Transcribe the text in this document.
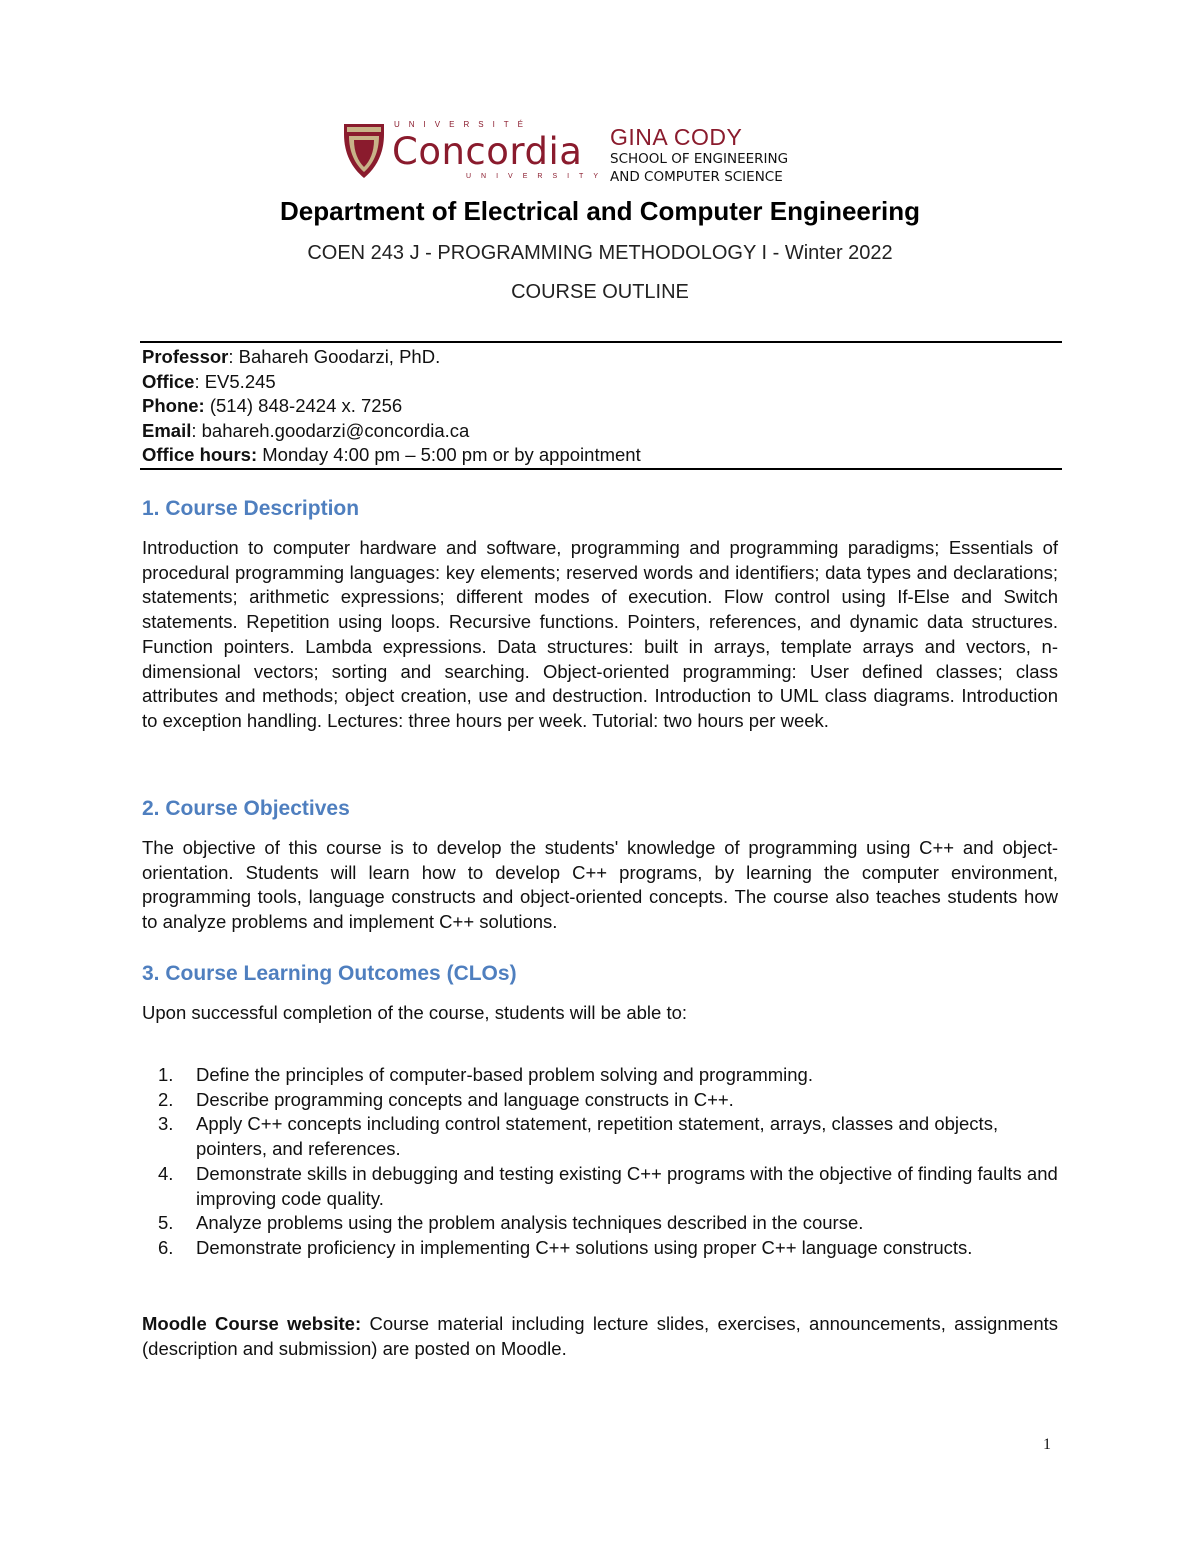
UNIVERSITÉ
Concordia
UNIVERSITY
GINA CODY
SCHOOL OF ENGINEERING
AND COMPUTER SCIENCE
Department of Electrical and Computer Engineering
COEN 243 J - PROGRAMMING METHODOLOGY I - Winter 2022
COURSE OUTLINE
Professor: Bahareh Goodarzi, PhD.
Office: EV5.245
Phone: (514) 848-2424 x. 7256
Email: bahareh.goodarzi@concordia.ca
Office hours: Monday 4:00 pm – 5:00 pm or by appointment
1. Course Description

Introduction to computer hardware and software, programming and programming paradigms; Essentials of procedural programming languages: key elements; reserved words and identifiers; data types and declarations; statements; arithmetic expressions; different modes of execution. Flow control using If-Else and Switch statements. Repetition using loops. Recursive functions. Pointers, references, and dynamic data structures. Function pointers. Lambda expressions. Data structures: built in arrays, template arrays and vectors, n-dimensional vectors; sorting and searching. Object-oriented programming: User defined classes; class attributes and methods; object creation, use and destruction. Introduction to UML class diagrams. Introduction to exception handling. Lectures: three hours per week. Tutorial: two hours per week.

2. Course Objectives

The objective of this course is to develop the students' knowledge of programming using C++ and object-orientation. Students will learn how to develop C++ programs, by learning the computer environment, programming tools, language constructs and object-oriented concepts. The course also teaches students how to analyze problems and implement C++ solutions.

3. Course Learning Outcomes (CLOs)

Upon successful completion of the course, students will be able to:

1. Define the principles of computer-based problem solving and programming.
2. Describe programming concepts and language constructs in C++.
3. Apply C++ concepts including control statement, repetition statement, arrays, classes and objects, pointers, and references.
4. Demonstrate skills in debugging and testing existing C++ programs with the objective of finding faults and improving code quality.
5. Analyze problems using the problem analysis techniques described in the course.
6. Demonstrate proficiency in implementing C++ solutions using proper C++ language constructs.

Moodle Course website: Course material including lecture slides, exercises, announcements, assignments (description and submission) are posted on Moodle.

1
